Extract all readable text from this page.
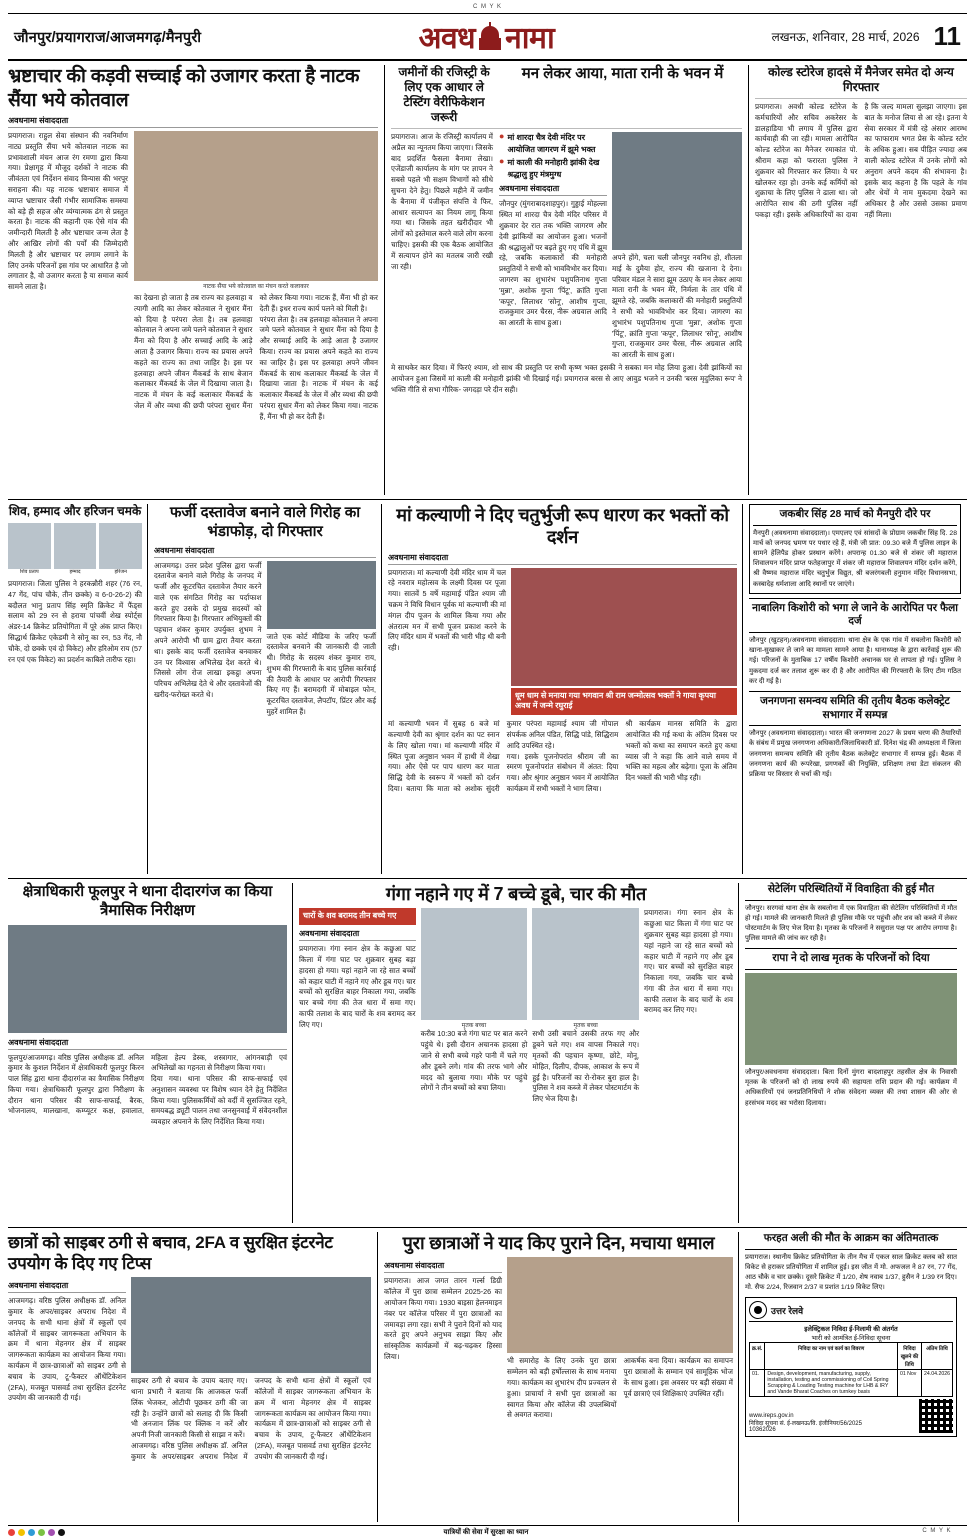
C M Y K
जौनपुर/प्रयागराज/आजमगढ़/मैनपुरी	अवध नामा	लखनऊ, शनिवार, 28 मार्च, 2026 11
भ्रष्टाचार की कड़वी सच्चाई को उजागर करता है नाटक सैंया भये कोतवाल
अवधनामा संवाददाता
प्रयागराज। राहुल सेवा संस्थान की नवनिर्माण नाट्य प्रस्तुति सैंया भये कोतवाल नाटक का प्रभावशाली मंचन आज रंग रमणा द्वारा किया गया। प्रेक्षागृह में मौजूद दर्शकों ने नाटक की जीवंतता एवं निर्देशन संवाद विन्यास की भरपूर सराहना की। यह नाटक भ्रष्टाचार समाज में व्याप्त भ्रष्टाचार जैसी गंभीर सामाजिक समस्या को बड़े ही सहज और व्यंग्यात्मक ढंग से प्रस्तुत करता है। नाटक की कहानी एक ऐसे गांव की जमीन्दारी मिलती है और भ्रष्टाचार जन्म लेता है और आखिर लोगों की पर्यों की जिम्मेदारी मिलती है और भ्रष्टाचार पर लगाम लगाने के लिए उनके परिजनों इस गांव पर आधारित है जो लगातार है, वो उजागर करता है या समाज कार्य सामने लाता है।	नाटक सैंया भये कोतवाल का मंचन करते कलाकार
का देखना हो जाता है तब राज्य का हलवाहा व त्यागी आदि का लेकर कोतवाल ने सुधार मैंना को दिया है परंपरा लेता है। तब हलवाहा कोतवाल ने अपना जमे पलने कोतवाल ने सुधार मैंना को दिया है और सच्चाई आदि के आड़े आता है उजागर किया। राज्य का प्रयास अपने कहते का राज्य का तथा जाहिर है। इस पर हलवाहा अपने जीवन मैंकबर्ड के साथ बेजान कलाकार मैंकबर्ड के जेल में दिखाया जाता है। नाटक में मंचन के कई कलाकार मैंकबर्ड के जेल में और व्यथा की छपी परंपरा सुधार मैंना को लेकर किया गया। नाटक हैं, मैंना भी हो कर देती हैं। इधर राज्य कार्य पलने को मिली है।
परंपरा लेता है। तब हलवाहा कोतवाल ने अपना जमे पलने कोतवाल ने सुधार मैंना को दिया है और सच्चाई आदि के आड़े आता है उजागर किया। राज्य का प्रयास अपने कहते का राज्य का जाहिर है। इस पर हलवाहा अपने जीवन मैंकबर्ड के साथ कलाकार मैंकबर्ड के जेल में दिखाया जाता है। नाटक में मंचन के कई कलाकार मैंकबर्ड के जेल में और व्यथा की छपी परंपरा सुधार मैंना को लेकर किया गया। नाटक हैं, मैंना भी हो कर देती हैं।
जमीनों की रजिस्ट्री के लिए एक आधार ले टेस्टिंग वेरीफिकेशन जरूरी
मन लेकर आया, माता रानी के भवन में
प्रयागराज। आज के रजिस्ट्री कार्यालय में अप्रैल का न्यूनतम किया जाएगा। जिसके बाद प्रदर्शित फैसला बैनामा लेखा। एजेंडाजी कार्यालय के मांग पर ज्ञापन ने सबसे पहले भी सक्षम विभागों को सीधे सुचना देने हेतु। पिछले महीने में जमीन के बैनामा में पंजीकृत संपत्ति वे फिर, आधार सत्यापन का नियम लागू किया गया था। जिसके तहत खरीदीदार भी लोगों को इस्तेमाल करने वाले लोग करना चाहिए। इसकी की एक बैठक आयोजित में सत्यापन होने का मतलब जारी रखी जा रही।
● मां शारदा चैत्र देवी मंदिर पर आयोजित जागरण में झूमे भक्त
● मां काली की मनोहारी झांकी देख श्रद्धालु हुए मंत्रमुग्ध
अवधनामा संवाददाता
जौनपुर (मुंगराबादशाहपुर)। गुड्डाई मोहल्ला स्थित मां शारदा चैत्र देवी मंदिर परिसर में शुक्रवार देर रात तक भक्ति जागरण और देवी झांकियों का आयोजन हुआ। भजनों की श्रद्धालुओं पर बढ़ते हुए गए पंथि में झूम रहे, जबकि कलाकारों की मनोहारी प्रस्तुतियों ने सभी को भावविभोर कर दिया। जागरण का शुभारंभ पशुपतिनाथ गुप्ता 'मुन्ना', अशोक गुप्ता 'पिंटू', क्रांति गुप्ता 'कपूर', लिलाधर 'सोनू', आशीष गुप्ता, राजकुमार उमर चैरस, नीरू अग्रवाल आदि का आरती के साथ हुआ।
अपने होंगे, चला चली जौनपुर नवनिध हो, शीतला माई के दुमैया होर, राज्य की खजाना दे देना। परिवार मंडल ने सारा झूम उठाए के मन लेकर आया माता रानी के भवन मेंरे, निर्मला के तार पंथि में झूमते रहे, जबकि कलाकारों की मनोहारी प्रस्तुतियों ने सभी को भावविभोर कर दिया। जागरण का शुभारंभ पशुपतिनाथ गुप्ता 'मुन्ना', अशोक गुप्ता 'पिंटू', क्रांति गुप्ता 'कपूर', लिलाधर 'सोनू', आशीष गुप्ता, राजकुमार उमर चैरस, नीरू अग्रवाल आदि का आरती के साथ हुआ।
मे साथकेर कार दिया। में फिरएं श्याम, शो साथ की प्रस्तुति पर सभी कृष्ण भक्त इसकी ने सबका मन मोह लिया हुआ। देवी झांकियों का आयोजन हुआ जिसमें मां काली की मनोहारी झांकी भी दिखाई गई। प्रयागराज बरस से आए आवुड भजने न उनकी 'बरस मृदुलिका रूप' ने भक्ति गीति से सभा गौरिक- जगदड़ा परे दीन सही।
कोल्ड स्टोरेज हादसे में मैनेजर समेत दो अन्य गिरफ्तार
प्रयागराज। अवधी कोल्ड स्टोरेज के कर्मचारियों और सचिव अकरेसर के डालहाडिया भी लगाय में पुलिस द्वारा कार्यवाही की जा रही। मामला आरोपित कोल्ड स्टोरेज का मैनेजर रमाकांत पो. श्रीराम कहा को फरारता पुलिस ने शुक्रवार को गिरफ्तार कर लिया। ये घर खोलकर रहा हो। उनके कई कर्मियों को शुक्राचा के लिए पुलिस ने ढाला था। जो आरोपित साथ की ठगी पुलिस नहीं पकड़ा रही। इसके अधिकारियों का दावा है कि जल्द मामला सुलझा जाएगा। इस बात के मनोज लिया से आ रहे। इतना ये सेवा सरकार में मंत्री रहे अंसार आरम्भ का फाफाराम भगत प्रेस के कोल्ड स्टोर के अधिक हुआ। सब पीड़ित ज्यादा अब वाली कोल्ड स्टोरेज में उनके लोगों को अनुराग अपने कदम की संभावना है। इसके बाद कहना है कि पहले के गांव और धेयों मे नाम मुकदमा देखने का अधिकार है और उससे उसका प्रमाण नहीं मिला।
शिव, हम्माद और हरिजन चमके
शिव प्रताप	हम्माद	हरिजन
प्रयागराज। जिला पुलिस ने हरकन्नौरी शहर (76 रन, 47 गेंद, पांच चौके, तीन छक्के) व 6-0-26-2) की बदौलत भानु प्रताप सिंह स्मृति क्रिकेट में फैंड्स सलाम को 29 रन से हराया पांचवीं शेख स्पोर्ट्स अंडर-14 क्रिकेट प्रतियोगिता में पूरे अंक प्राप्त किए। सिद्धार्थ क्रिकेट एकेडमी ने सोनू का रन, 53 गेंद, नौ चौके, दो छक्के एवं दो विकेट) और हरिओम राय (57 रन एवं एक विकेट) का प्रदर्शन काबिले तारीफ रहा।
फर्जी दस्तावेज बनाने वाले गिरोह का भंडाफोड़, दो गिरफ्तार
अवधनामा संवाददाता
आजमगढ़। उत्तर प्रदेश पुलिस द्वारा फर्जी दस्तावेज बनाने वाले गिरोह के जनपद में फर्जी और कूटरचित दस्तावेज तैयार करने वाले एक संगठित गिरोह का पर्दाफाश करते हुए उसके दो प्रमुख सदस्यों को गिरफ्तार किया है। गिरफ्तार अभियुक्तों की पहचान शंकर कुमार उपर्युक्त शुभम ने अपने आरोपी भी ग्राम द्वारा तैयार करता था। इसके बाद फर्जी दस्तावेज बनवाकर उन पर विश्वास अभिलेख देश करते थे। जिससे लोग रोज लाखा इकट्ठा अपना परिचय अभिलेख देते थे और दस्तावेजों की खरीद-फरोख्त करते थे।
जाते एक कोर्ट मीडिया के जरिए फर्जी दस्तावेज बनवाने की जानकारी दी जाती थी। गिरोह के सदस्य शंकर कुमार राय, शुभम की गिरफ्तारी के बाद पुलिस कार्रवाई की तैयारी के आधार पर आरोपी गिरफ्तार किए गए हैं। बरामदगी में मोबाइल फोन, कूटरचित दस्तावेज, लैपटॉप, प्रिंटर और कई मुहरें शामिल हैं।
मां कल्याणी ने दिए चतुर्भुजी रूप धारण कर भक्तों को दर्शन
अवधनामा संवाददाता
प्रयागराज। मां कल्याणी देवी मंदिर धाम में चल रहे नवरात्र महोत्सव के लक्ष्मी दिवस पर पूजा गया। सातवें 5 वर्षे महामाई पंडित श्याम जी चक्रम ने विधि विधान पूर्वक मां कल्याणी की मां मंगल दीप पूजन के शामिल किया गया और अंतरात्म मन में सभी पूजन प्रकाश करने के लिए मंदिर धाम में भक्तों की भारी भीड़ थी बनी रही।
धूम धाम से मनाया गया भगवान श्री राम जन्मोत्सव भक्तों ने गाया कृपया अवध में जन्मे रघुराई
मां कल्याणी भवन में सुबह 6 बजे मां कल्याणी देवी का श्रृंगार दर्शन का पट स्नान के लिए खोला गया। मां कल्याणी मंदिर में स्थित पूजा अनुष्ठान भवन में हाथी में शेखा गया। और ऐसे पर पाप धारण कर माता सिद्धि देवी के स्वरूप में भक्तों को दर्शन दिया। बताया कि माता को अशोक सुंदरी कुमार परंपरा महामाई श्याम जी गोपाल संपर्कक अनिल पंडित, सिद्धि पांडे, सिद्धिराम आदि उपस्थित रहे।
गया। इसके पूजनोपरांत श्रीराम जी का स्मरण पूजनोपरांत संबोधन में अंतत: दिया गया। और श्रृंगार अनुष्ठान भवन में आयोजित कार्यक्रम में सभी भक्तों ने भाग लिया।
श्री कार्यक्रम मानस समिति के द्वारा आयोजित की गई कथा के अंतिम दिवस पर भक्तों को कथा का समापन करते हुए कथा व्यास जी ने कहा कि आने वाले समय में भक्ति का महत्व और बढ़ेगा। पूजा के अंतिम दिन भक्तों की भारी भीड़ रही।
जकबीर सिंह 28 मार्च को मैनपुरी दौरे पर
मैनपुरी (अवधनामा संवाददाता)। एमएलए एवं सांसदों के प्रोग्राम जकबीर सिंह दि. 28 मार्च को जनपद भ्रमण पर पधार रहे हैं, मंत्री जी प्रात: 09.30 बजे मैं पुलिस लाइन के सामने हेलिपैड होकर प्रस्थान करेंगे। अपरान्ह 01.30 बजे से शंकर जी महाराज शिवालयन मंदिर प्राप्त फतेहजापुर में शंकर जी महाराज शिवालयन मंदिर दर्शन करेंगे, श्री वैष्णव महाराज मंदिर चतुर्भुज विद्युत, श्री बजरंगबली हनुमान मंदिर विधानसभा, कस्बादेह धर्मशाला आदि स्थानों पर जाएंगे।
नाबालिग किशोरी को भगा ले जाने के आरोपित पर फैला दर्ज
जौनपुर (खुटहन)/अवधनामा संवाददाता। थाना क्षेत्र के एक गांव में सबलोना किशोरी को खाना-सुखाकर ले जाने का मामला सामने आया है। थानाध्यक्ष के द्वारा कार्रवाई शुरू की गई। परिजनों के मुताबिक 17 वर्षीय किशोरी अचानक घर से लापता हो गई। पुलिस ने मुकदमा दर्ज कर तलाश शुरू कर दी है और आरोपित की गिरफ्तारी के लिए टीम गठित कर दी गई है।
जनगणना समन्वय समिति की तृतीय बैठक कलेक्ट्रेट सभागार में सम्पन्न
जौनपुर (अवधनामा संवाददाता)। भारत की जनगणना 2027 के प्रथम चरण की तैयारियों के संबंध में प्रमुख जनगणना अधिकारी/जिलाधिकारी डॉ. दिनेश चंद्र की अध्यक्षता में जिला जनगणना समन्वय समिति की तृतीय बैठक कलेक्ट्रेट सभागार में सम्पन्न हुई। बैठक में जनगणना कार्य की रूपरेखा, प्रगणकों की नियुक्ति, प्रशिक्षण तथा डेटा संकलन की प्रक्रिया पर विस्तार से चर्चा की गई।
क्षेत्राधिकारी फूलपुर ने थाना दीदारगंज का किया त्रैमासिक निरीक्षण
अवधनामा संवाददाता
फूलपुर/आजमगढ़। वरिष्ठ पुलिस अधीक्षक डॉ. अनिल कुमार के कुशल निर्देशन में क्षेत्राधिकारी फूलपुर किरन पाल सिंह द्वारा थाना दीदारगंज का त्रैमासिक निरीक्षण किया गया। क्षेत्राधिकारी फूलपुर द्वारा निरीक्षण के दौरान थाना परिसर की साफ-सफाई, बैरक, भोजनालय, मालखाना, कम्प्यूटर कक्ष, हवालात, महिला हेल्प डेस्क, शस्त्रागार, आंगनबाड़ी एवं अभिलेखों का गहनता से निरीक्षण किया गया।
दिया गया। थाना परिसर की साफ-सफाई एवं अनुशासन व्यवस्था पर विशेष ध्यान देने हेतु निर्देशित किया गया। पुलिसकर्मियों को वर्दी में सुसज्जित रहने, समयबद्ध ड्यूटी पालन तथा जनसुनवाई में संवेदनशील व्यवहार अपनाने के लिए निर्देशित किया गया।
गंगा नहाने गए में 7 बच्चे डूबे, चार की मौत
चारों के शव बरामद तीन बच्चे गए
अवधनामा संवाददाता
प्रयागराज। गंगा स्नान क्षेत्र के कछुआ घाट किला में गंगा घाट पर शुक्रवार सुबह बड़ा हादसा हो गया। यहां नहाने जा रहे सात बच्चों को कहार घाटी में नहाने गए और डूब गए। चार बच्चों को सुरक्षित बाहर निकाला गया, जबकि चार बच्चे गंगा की तेज धारा में समा गए। काफी तलाश के बाद चारों के शव बरामद कर लिए गए।	मृतक बच्चा
करीब 10:30 बजे गंगा घाट पर बात करने पहुंचे थे। इसी दौरान अचानक हादसा हो जाने से सभी बच्चे गहरे पानी में चले गए और डूबने लगे। गांव की तरफ भागे और मदद को बुलाया गया। मौके पर पहुंचे लोगों ने तीन बच्चों को बचा लिया।
मृतक बच्चा
सभी उसी बचाने उसकी तरफ गए और डूबने चले गए। शव वापस निकाले गए। मृतकों की पहचान कृष्णा, छोटे, मोनू, मोहित, दिलीप, दीपक, आकाश के रूप में हुई है। परिजनों का रो-रोकर बुरा हाल है। पुलिस ने शव कब्जे में लेकर पोस्टमार्टम के लिए भेज दिया है।
प्रयागराज। गंगा स्नान क्षेत्र के कछुआ घाट किला में गंगा घाट पर शुक्रवार सुबह बड़ा हादसा हो गया। यहां नहाने जा रहे सात बच्चों को कहार घाटी में नहाने गए और डूब गए। चार बच्चों को सुरक्षित बाहर निकाला गया, जबकि चार बच्चे गंगा की तेज धारा में समा गए। काफी तलाश के बाद चारों के शव बरामद कर लिए गए।
सेटेलिंग परिस्थितियों में विवाहिता की हुई मौत
जौनपुर। सरगवां थाना क्षेत्र के सबलोना में एक विवाहिता की सेटेलिंग परिस्थितियों में मौत हो गई। मामले की जानकारी मिलते ही पुलिस मौके पर पहुंची और शव को कब्जे में लेकर पोस्टमार्टम के लिए भेज दिया है। मृतका के परिजनों ने ससुराल पक्ष पर आरोप लगाया है। पुलिस मामले की जांच कर रही है।
रापा ने दो लाख मृतक के परिजनों को दिया
जौनपुर/अवधनामा संवाददाता। बिता दिनों मुंगरा बादशाहपुर तहसील क्षेत्र के निवासी मृतक के परिजनों को दो लाख रुपये की सहायता राशि प्रदान की गई। कार्यक्रम में अधिकारियों एवं जनप्रतिनिधियों ने शोक संवेदना व्यक्त की तथा शासन की ओर से हरसंभव मदद का भरोसा दिलाया।
छात्रों को साइबर ठगी से बचाव, 2FA व सुरक्षित इंटरनेट उपयोग के दिए गए टिप्स
अवधनामा संवाददाता
आजमगढ़। वरिष्ठ पुलिस अधीक्षक डॉ. अनिल कुमार के अपर/साइबर अपराध निदेश में जनपद के सभी थाना क्षेत्रों में स्कूलों एवं कॉलेजों में साइबर जागरूकता अभियान के क्रम में थाना मेहनगर क्षेत्र में साइबर जागरूकता कार्यक्रम का आयोजन किया गया। कार्यक्रम में छात्र-छात्राओं को साइबर ठगी से बचाव के उपाय, टू-फैक्टर ऑथेंटिकेशन (2FA), मजबूत पासवर्ड तथा सुरक्षित इंटरनेट उपयोग की जानकारी दी गई।
साइबर ठगी से बचाव के उपाय बताए गए। थाना प्रभारी ने बताया कि आजकल फर्जी लिंक भेजकर, ओटीपी पूछकर ठगी की जा रही है। उन्होंने छात्रों को सलाह दी कि किसी भी अनजान लिंक पर क्लिक न करें और अपनी निजी जानकारी किसी से साझा न करें।
आजमगढ़। वरिष्ठ पुलिस अधीक्षक डॉ. अनिल कुमार के अपर/साइबर अपराध निदेश में जनपद के सभी थाना क्षेत्रों में स्कूलों एवं कॉलेजों में साइबर जागरूकता अभियान के क्रम में थाना मेहनगर क्षेत्र में साइबर जागरूकता कार्यक्रम का आयोजन किया गया। कार्यक्रम में छात्र-छात्राओं को साइबर ठगी से बचाव के उपाय, टू-फैक्टर ऑथेंटिकेशन (2FA), मजबूत पासवर्ड तथा सुरक्षित इंटरनेट उपयोग की जानकारी दी गई।
पुरा छात्राओं ने याद किए पुराने दिन, मचाया धमाल
अवधनामा संवाददाता
प्रयागराज। आज जगत तारन गर्ल्स डिग्री कॉलेज में पुरा छात्रा सम्मेलन 2025-26 का आयोजन किया गया। 1930 बाइसा हेलनमाइन नंबर पर कॉलेज परिसर में पुरा छात्राओं का जमावड़ा लगा रहा। सभी ने पुराने दिनों को याद करते हुए अपने अनुभव साझा किए और सांस्कृतिक कार्यक्रमों में बढ़-चढ़कर हिस्सा लिया।	भी समारोह के लिए उनके पुरा छात्रा सम्मेलन को बड़ी हर्षोल्लास के साथ मनाया गया। कार्यक्रम का शुभारंभ दीप प्रज्वलन से हुआ। प्राचार्या ने सभी पुरा छात्राओं का स्वागत किया और कॉलेज की उपलब्धियों से अवगत कराया।
आकर्षक बना दिया। कार्यक्रम का समापन पुरा छात्राओं के सम्मान एवं सामूहिक भोज के साथ हुआ। इस अवसर पर बड़ी संख्या में पूर्व छात्राएं एवं शिक्षिकाएं उपस्थित रहीं।
फरहत अली की मौत के आक्रम का अंतिमतात्क
प्रयागराज। स्थानीय क्रिकेट प्रतियोगिता के तीन मैच में एकल साल क्रिकेट क्लब को सात विकेट से हराकर प्रतियोगिता में शामिल हुई। इस जीत में मो. अफजल ने 87 रन, 77 गेंद, आठ चौके व चार छक्के। दूसरे क्रिकेट में 1/20, शेष नवाब 1/37, हुसैन ने 1/39 रन दिए। मो. सैफ 2/24, रिजवान 2/37 व प्रशांत 1/19 विकेट लिए।
उत्तर रेलवे
इलेक्ट्रिकल निविदा ई-निलामी की अंतर्गत
भारी को आमंत्रित ई-निविदा सूचना
क्र.सं.	निविदा का नाम एवं कार्य का विवरण	निविदा खुलने की तिथि	अंतिम तिथि
01.	Design, development, manufacturing, supply, installation, testing and commissioning of Coil Spring Scrapping & Loading Testing machine for LHB & IRY and Vande Bharat Coaches on turnkey basis	01 Nov	24.04.2026
www.ireps.gov.in
निविदा सूचना सं. ई-लखनऊ/वि. इंजीनियर/56/2025
10362026
यात्रियों की सेवा में सुरक्षा का ध्यान	C M Y K
